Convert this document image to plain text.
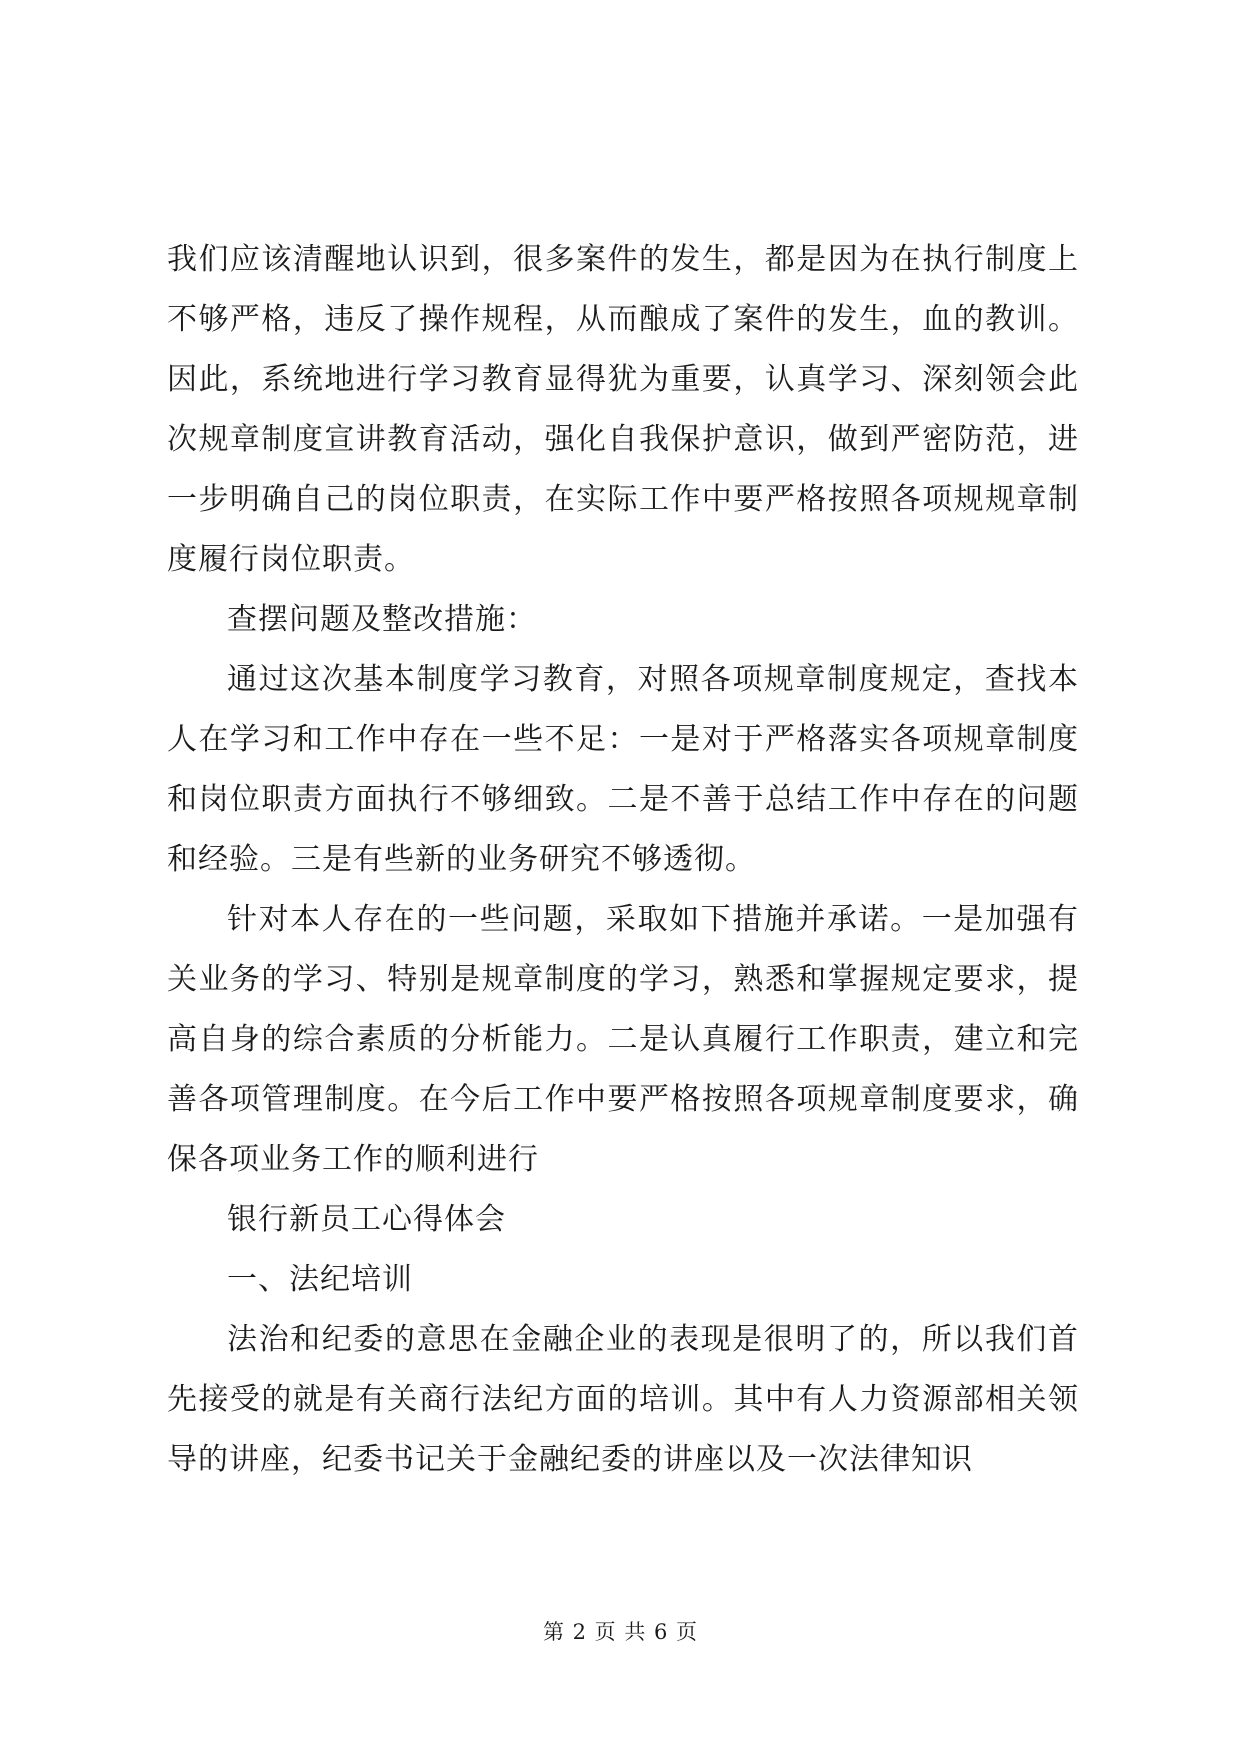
我们应该清醒地认识到，很多案件的发生，都是因为在执行制度上不够严格，违反了操作规程，从而酿成了案件的发生，血的教训。因此，系统地进行学习教育显得犹为重要，认真学习、深刻领会此次规章制度宣讲教育活动，强化自我保护意识，做到严密防范，进一步明确自己的岗位职责，在实际工作中要严格按照各项规规章制度履行岗位职责。

查摆问题及整改措施：

通过这次基本制度学习教育，对照各项规章制度规定，查找本人在学习和工作中存在一些不足：一是对于严格落实各项规章制度和岗位职责方面执行不够细致。二是不善于总结工作中存在的问题和经验。三是有些新的业务研究不够透彻。

针对本人存在的一些问题，采取如下措施并承诺。一是加强有关业务的学习、特别是规章制度的学习，熟悉和掌握规定要求，提高自身的综合素质的分析能力。二是认真履行工作职责，建立和完善各项管理制度。在今后工作中要严格按照各项规章制度要求，确保各项业务工作的顺利进行

银行新员工心得体会

一、法纪培训

法治和纪委的意思在金融企业的表现是很明了的，所以我们首先接受的就是有关商行法纪方面的培训。其中有人力资源部相关领导的讲座，纪委书记关于金融纪委的讲座以及一次法律知识

第 2 页 共 6 页
